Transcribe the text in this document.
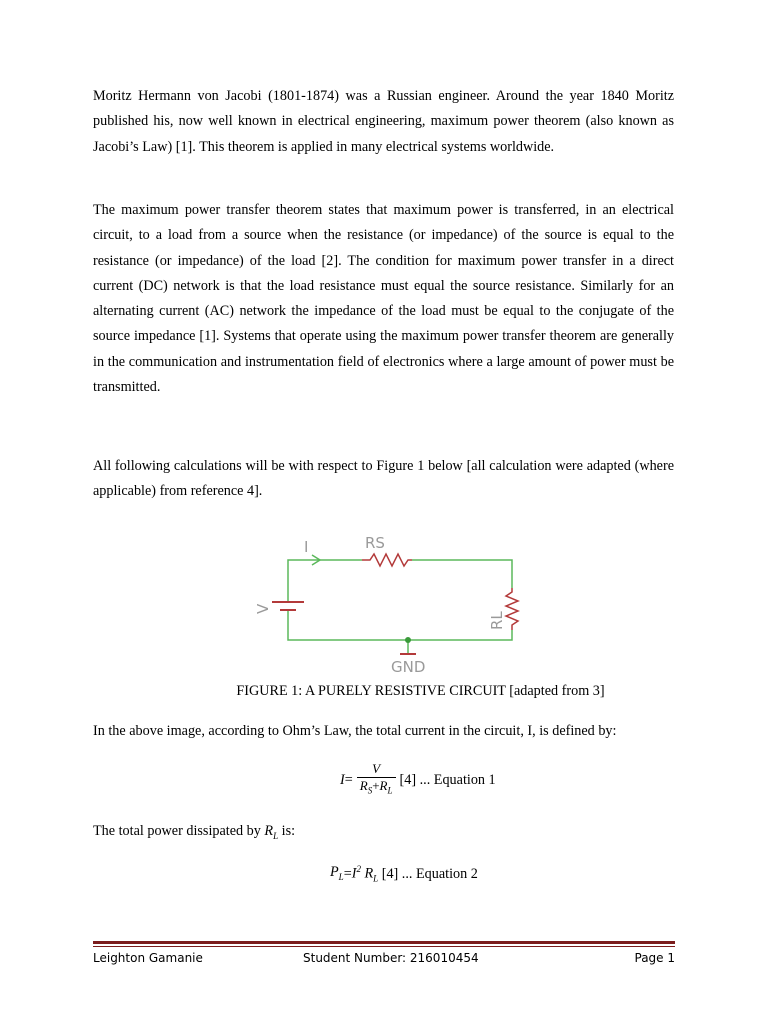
Moritz Hermann von Jacobi (1801-1874) was a Russian engineer. Around the year 1840 Moritz published his, now well known in electrical engineering, maximum power theorem (also known as Jacobi’s Law) [1]. This theorem is applied in many electrical systems worldwide.

The maximum power transfer theorem states that maximum power is transferred, in an electrical circuit, to a load from a source when the resistance (or impedance) of the source is equal to the resistance (or impedance) of the load [2]. The condition for maximum power transfer in a direct current (DC) network is that the load resistance must equal the source resistance. Similarly for an alternating current (AC) network the impedance of the load must be equal to the conjugate of the source impedance [1]. Systems that operate using the maximum power transfer theorem are generally in the communication and instrumentation field of electronics where a large amount of power must be transmitted.

All following calculations will be with respect to Figure 1 below [all calculation were adapted (where applicable) from reference 4].

I	RS
GND
RL
V

FIGURE 1: A PURELY RESISTIVE CIRCUIT [adapted from 3]

In the above image, according to Ohm’s Law, the total current in the circuit, I, is defined by:

$I = \frac{V}{R_S+R_L} [4]$ ... Equation 1

The total power dissipated by $R_L$ is:

$P_L = I^2$ $R_L$
[4] ... Equation 2
Leighton Gamanie	Student Number: 216010454	Page 1
